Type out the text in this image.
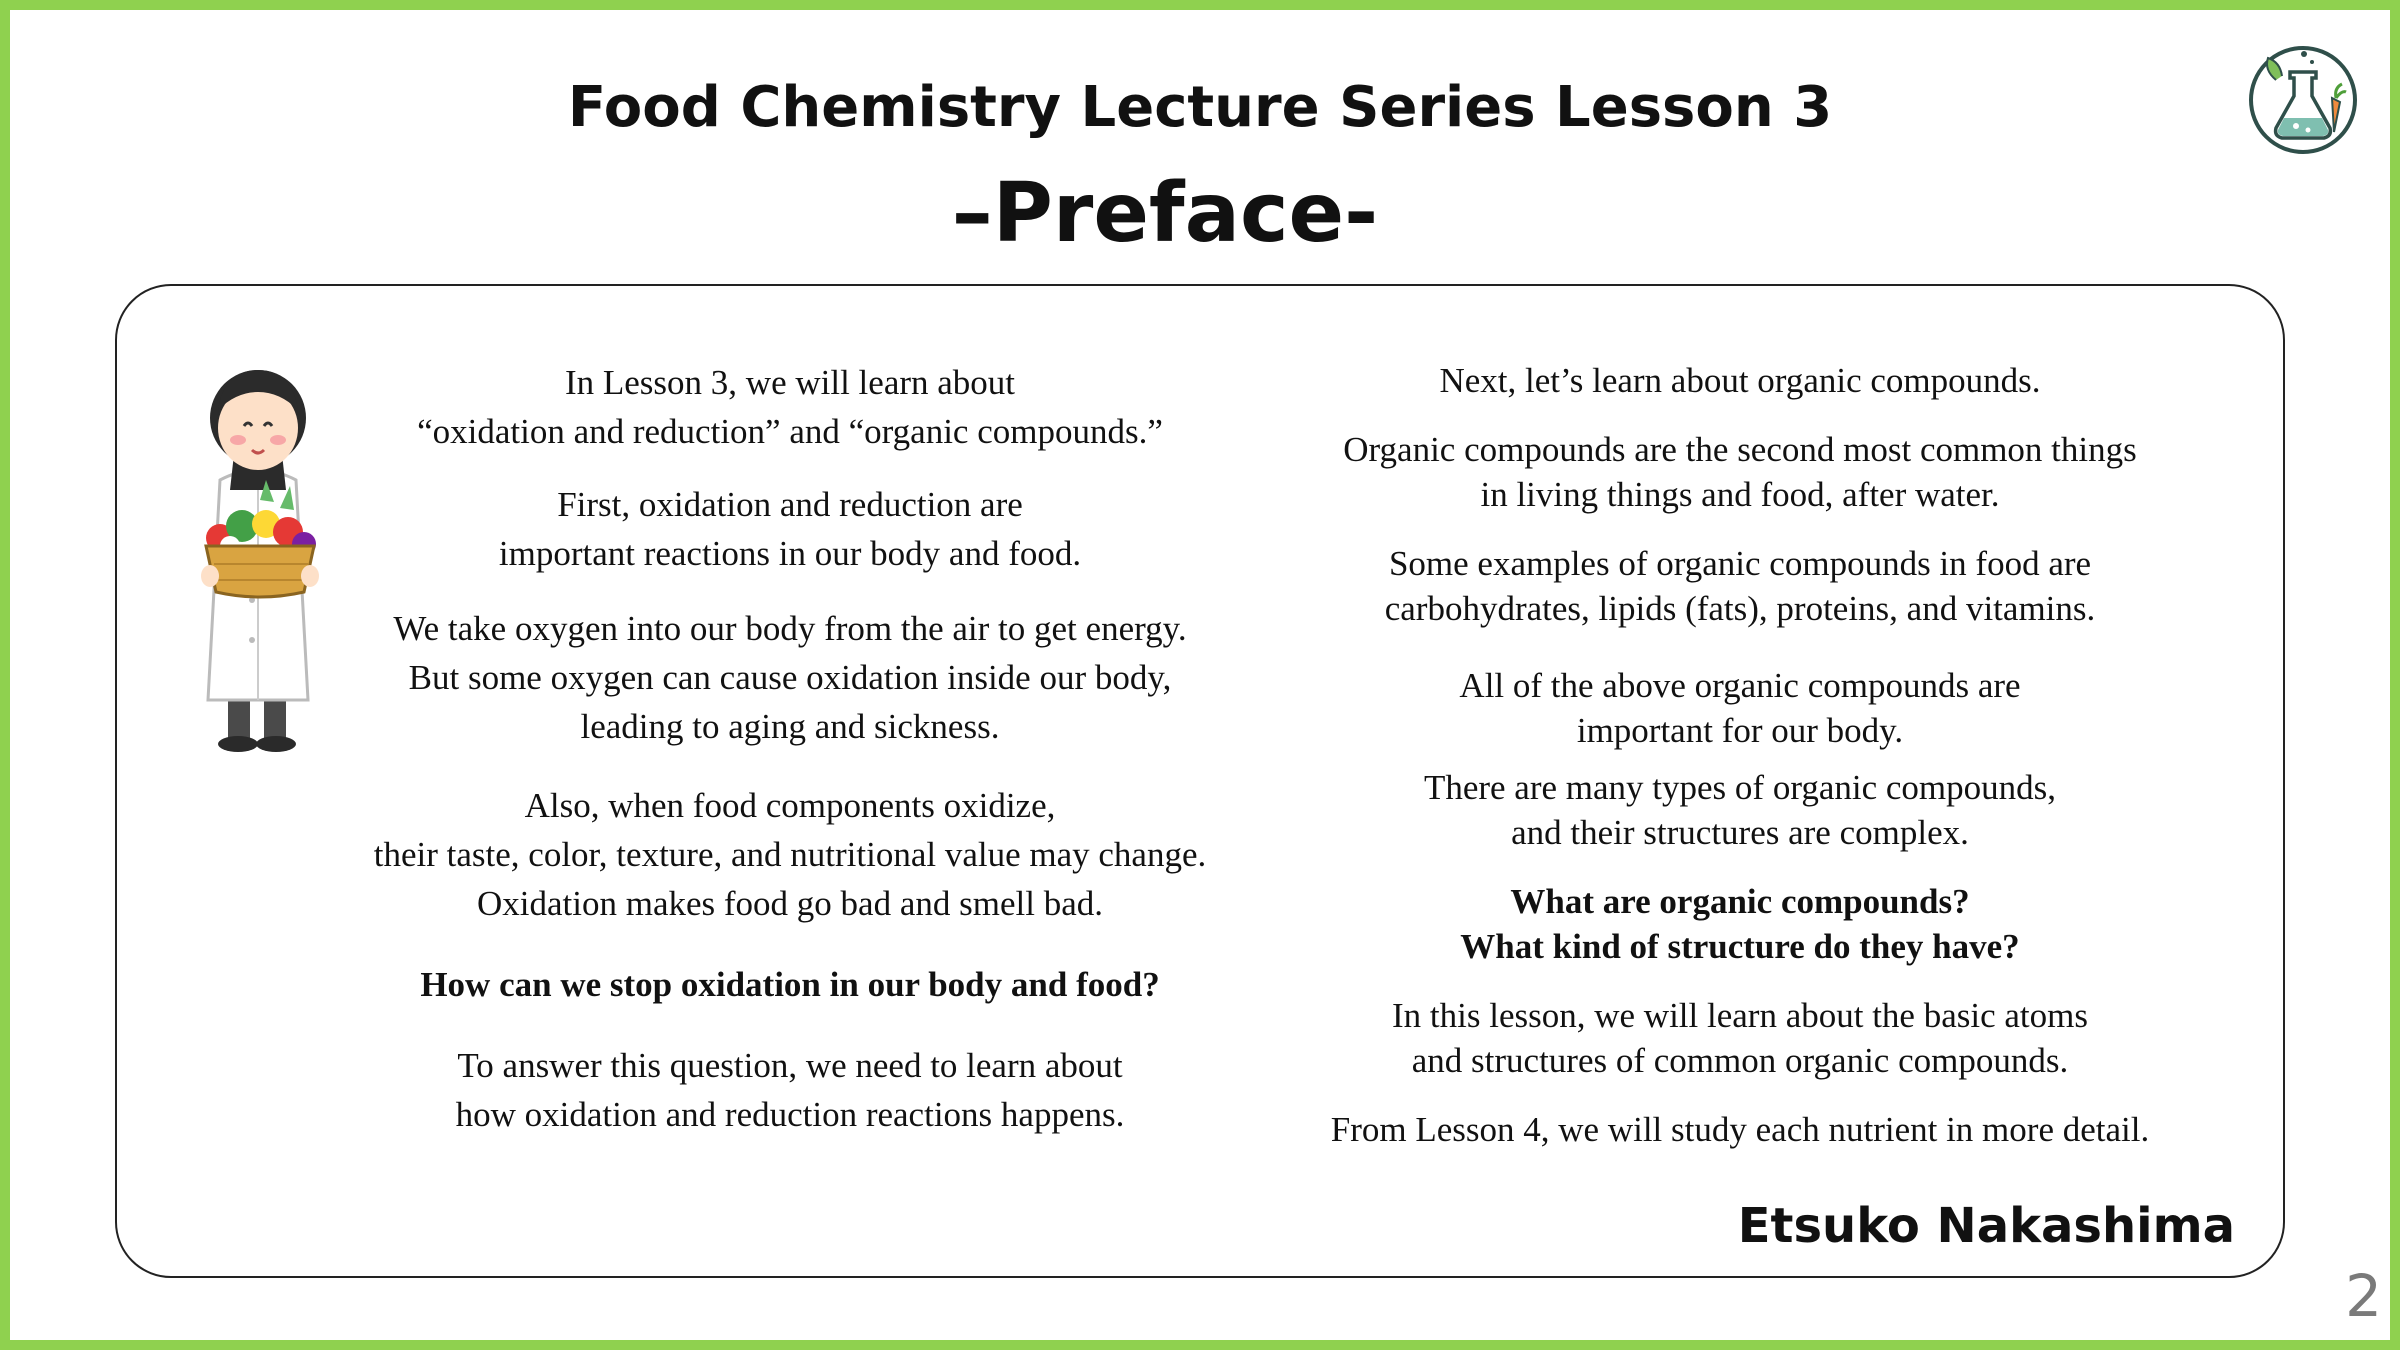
Food Chemistry Lecture Series Lesson 3
–Preface-

In Lesson 3, we will learn about
“oxidation and reduction” and “organic compounds.”

First, oxidation and reduction are
important reactions in our body and food.

We take oxygen into our body from the air to get energy.
But some oxygen can cause oxidation inside our body,
leading to aging and sickness.

Also, when food components oxidize,
their taste, color, texture, and nutritional value may change.
Oxidation makes food go bad and smell bad.

How can we stop oxidation in our body and food?

To answer this question, we need to learn about
how oxidation and reduction reactions happens.

Next, let’s learn about organic compounds.

Organic compounds are the second most common things
in living things and food, after water.

Some examples of organic compounds in food are
carbohydrates, lipids (fats), proteins, and vitamins.

All of the above organic compounds are
important for our body.

There are many types of organic compounds,
and their structures are complex.

What are organic compounds?
What kind of structure do they have?

In this lesson, we will learn about the basic atoms
and structures of common organic compounds.

From Lesson 4, we will study each nutrient in more detail.

Etsuko Nakashima
2
